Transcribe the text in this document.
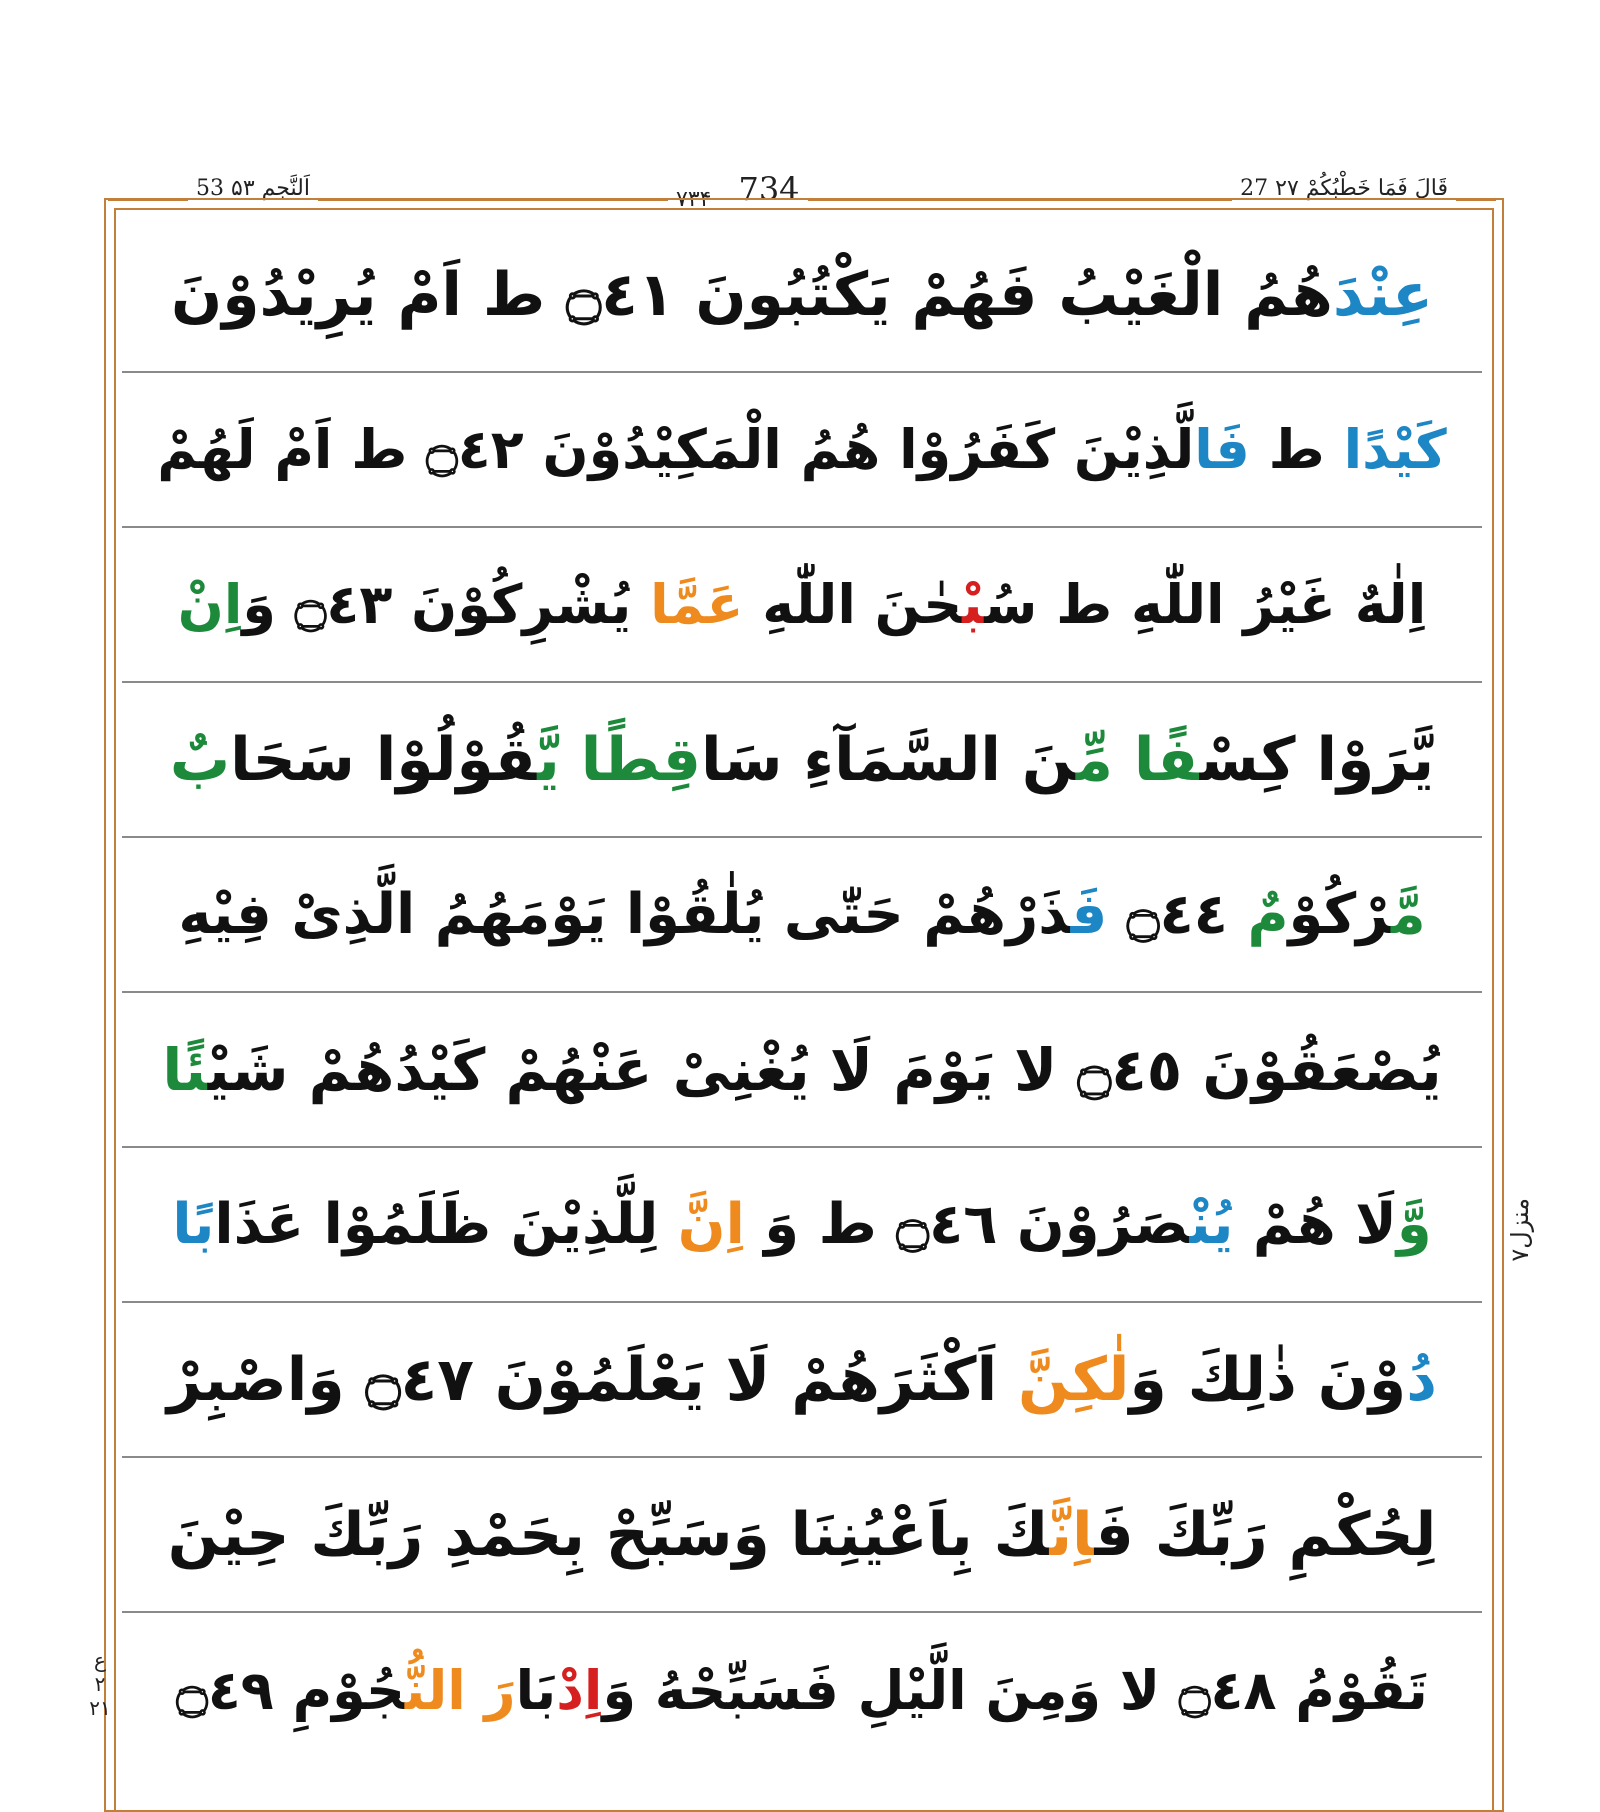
53 اَلنَّجم ۵۳	۷۳۴ 734	27 قَالَ فَمَا خَطْبُکُمْ ۲۷
عِنْدَهُمُ الْغَيْبُ فَهُمْ يَكْتُبُونَ ۝٤١ ط اَمْ يُرِيْدُوْنَ
كَيْدًا ط فَالَّذِيْنَ كَفَرُوْا هُمُ الْمَكِيْدُوْنَ ۝٤٢ ط اَمْ لَهُمْ
اِلٰهٌ غَيْرُ اللّٰهِ ط سُبْحٰنَ اللّٰهِ عَمَّا يُشْرِكُوْنَ ۝٤٣ وَاِنْ
يَّرَوْا كِسْفًا مِّنَ السَّمَآءِ سَاقِطًا يَّقُوْلُوْا سَحَابٌ
مَّرْكُوْمٌ ۝٤٤ فَذَرْهُمْ حَتّٰى يُلٰقُوْا يَوْمَهُمُ الَّذِىْ فِيْهِ
يُصْعَقُوْنَ ۝٤٥ لا يَوْمَ لَا يُغْنِىْ عَنْهُمْ كَيْدُهُمْ شَيْئًا
وَّلَا هُمْ يُنْصَرُوْنَ ۝٤٦ ط وَ اِنَّ لِلَّذِيْنَ ظَلَمُوْا عَذَابًا
دُوْنَ ذٰلِكَ وَلٰكِنَّ اَكْثَرَهُمْ لَا يَعْلَمُوْنَ ۝٤٧ وَاصْبِرْ
لِحُكْمِ رَبِّكَ فَاِنَّكَ بِاَعْيُنِنَا وَسَبِّحْ بِحَمْدِ رَبِّكَ حِيْنَ
تَقُوْمُ ۝٤٨ لا وَمِنَ الَّيْلِ فَسَبِّحْهُ وَاِدْبَارَ النُّجُوْمِ ۝٤٩
منزل۷
ع ۲ ۲۱
